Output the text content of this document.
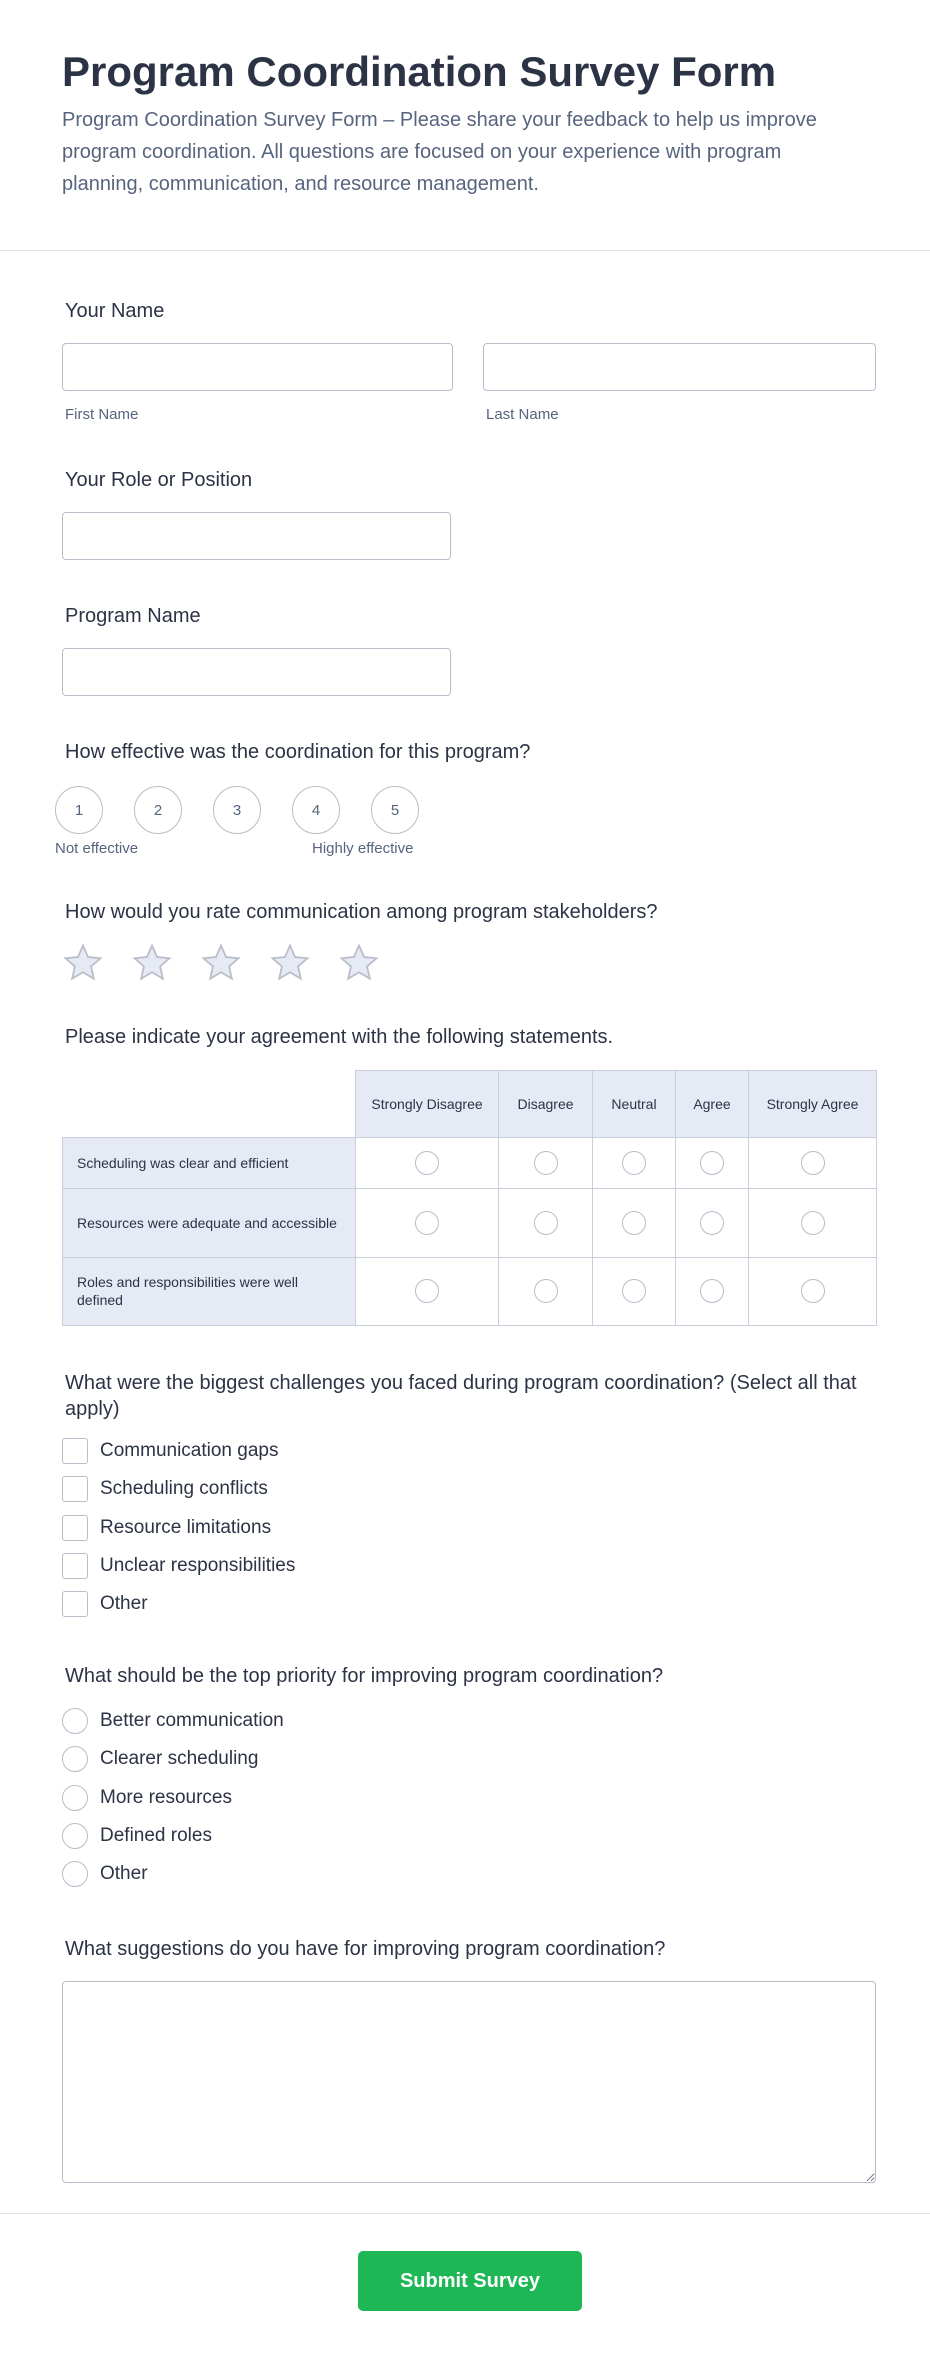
Program Coordination Survey Form
Program Coordination Survey Form – Please share your feedback to help us improve program coordination. All questions are focused on your experience with program planning, communication, and resource management.
Your Name
First Name	Last Name
Your Role or Position
Program Name
How effective was the coordination for this program?
1	2	3	4	5
Not effective	Highly effective
How would you rate communication among program stakeholders?
Please indicate your agreement with the following statements.
	Strongly Disagree	Disagree	Neutral	Agree	Strongly Agree
Scheduling was clear and efficient					
Resources were adequate and accessible					
Roles and responsibilities were well defined					
What were the biggest challenges you faced during program coordination? (Select all that apply)
Communication gaps
Scheduling conflicts
Resource limitations
Unclear responsibilities
Other
What should be the top priority for improving program coordination?
Better communication
Clearer scheduling
More resources
Defined roles
Other
What suggestions do you have for improving program coordination?
Submit Survey
